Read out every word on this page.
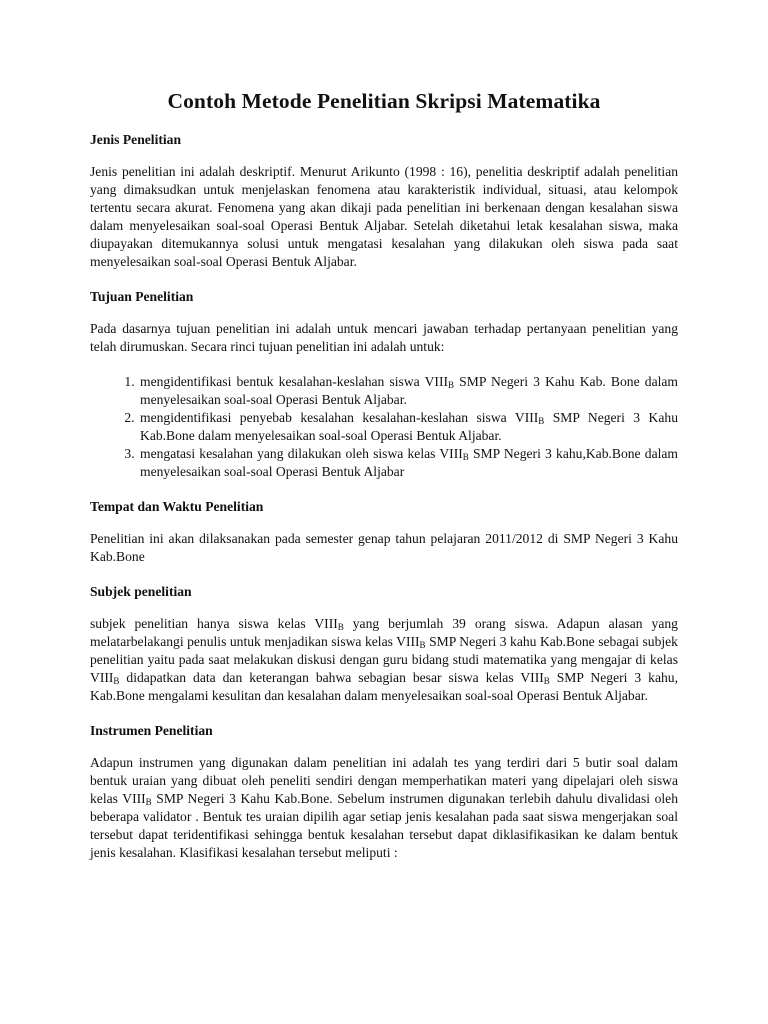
Contoh Metode Penelitian Skripsi Matematika
Jenis Penelitian

Jenis penelitian ini adalah deskriptif. Menurut Arikunto (1998 : 16), penelitia deskriptif adalah penelitian yang dimaksudkan untuk menjelaskan fenomena atau karakteristik individual, situasi, atau kelompok tertentu secara akurat. Fenomena yang akan dikaji pada penelitian ini berkenaan dengan kesalahan siswa dalam menyelesaikan soal-soal Operasi Bentuk Aljabar. Setelah diketahui letak kesalahan siswa, maka diupayakan ditemukannya solusi untuk mengatasi kesalahan yang dilakukan oleh siswa pada saat menyelesaikan soal-soal Operasi Bentuk Aljabar.

Tujuan Penelitian

Pada dasarnya tujuan penelitian ini adalah untuk mencari jawaban terhadap pertanyaan penelitian yang telah dirumuskan. Secara rinci tujuan penelitian ini adalah untuk:

1. mengidentifikasi bentuk kesalahan-keslahan siswa $VIII_B$ SMP Negeri 3 Kahu Kab. Bone dalam menyelesaikan soal-soal Operasi Bentuk Aljabar.
2. mengidentifikasi penyebab kesalahan kesalahan-keslahan siswa $VIII_B$ SMP Negeri 3 Kahu Kab.Bone dalam menyelesaikan soal-soal Operasi Bentuk Aljabar.
3. mengatasi kesalahan yang dilakukan oleh siswa kelas $VIII_B$ SMP Negeri 3 kahu,Kab.Bone dalam menyelesaikan soal-soal Operasi Bentuk Aljabar
Tempat dan Waktu Penelitian

Penelitian ini akan dilaksanakan pada semester genap tahun pelajaran 2011/2012 di SMP Negeri 3 Kahu Kab.Bone

Subjek penelitian

subjek penelitian hanya siswa kelas $VIII_B$ yang berjumlah 39 orang siswa. Adapun alasan yang melatarbelakangi penulis untuk menjadikan siswa kelas $VIII_B$ SMP Negeri 3 kahu Kab.Bone sebagai subjek penelitian yaitu pada saat melakukan diskusi dengan guru bidang studi matematika yang mengajar di kelas $VIII_B$ didapatkan data dan keterangan bahwa sebagian besar siswa kelas $VIII_B$ SMP Negeri 3 kahu, Kab.Bone mengalami kesulitan dan kesalahan dalam menyelesaikan soal-soal Operasi Bentuk Aljabar.

Instrumen Penelitian

Adapun instrumen yang digunakan dalam penelitian ini adalah tes yang terdiri dari 5 butir soal dalam bentuk uraian yang dibuat oleh peneliti sendiri dengan memperhatikan materi yang dipelajari oleh siswa kelas $VIII_B$ SMP Negeri 3 Kahu Kab.Bone. Sebelum instrumen digunakan terlebih dahulu divalidasi oleh beberapa validator . Bentuk tes uraian dipilih agar setiap jenis kesalahan pada saat siswa mengerjakan soal tersebut dapat teridentifikasi sehingga bentuk kesalahan tersebut dapat diklasifikasikan ke dalam bentuk jenis kesalahan. Klasifikasi kesalahan tersebut meliputi :
